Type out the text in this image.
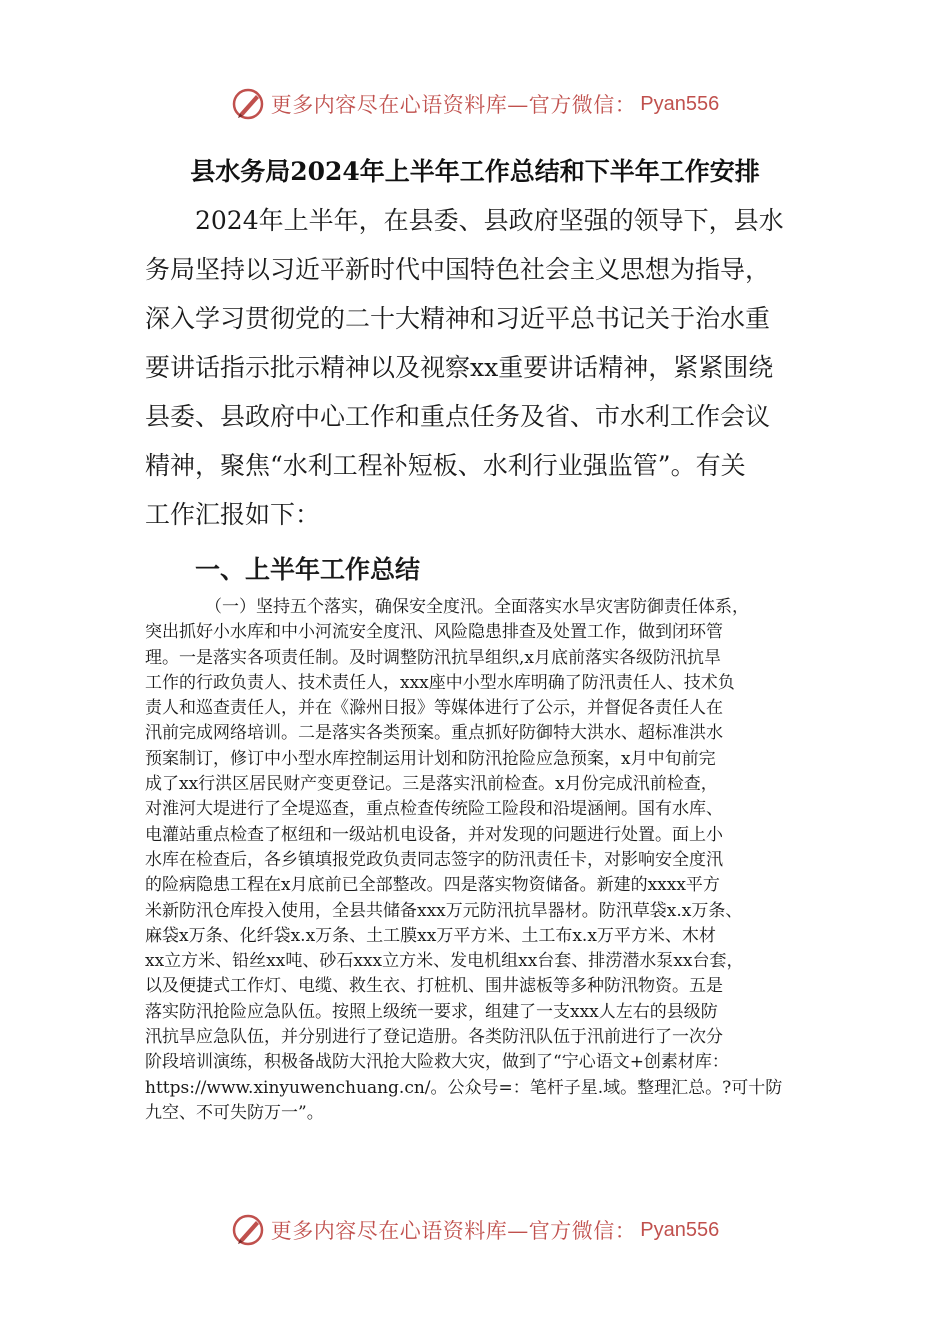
更多内容尽在心语资料库—官方微信： Pyan556
县水务局2024年上半年工作总结和下半年工作安排
2024年上半年，在县委、县政府坚强的领导下，县水
务局坚持以习近平新时代中国特色社会主义思想为指导，
深入学习贯彻党的二十大精神和习近平总书记关于治水重
要讲话指示批示精神以及视察xx重要讲话精神，紧紧围绕
县委、县政府中心工作和重点任务及省、市水利工作会议
精神，聚焦“水利工程补短板、水利行业强监管”。有关
工作汇报如下：
一、上半年工作总结
（一）坚持五个落实，确保安全度汛。全面落实水旱灾害防御责任体系，
突出抓好小水库和中小河流安全度汛、风险隐患排查及处置工作，做到闭环管
理。一是落实各项责任制。及时调整防汛抗旱组织,x月底前落实各级防汛抗旱
工作的行政负责人、技术责任人，xxx座中小型水库明确了防汛责任人、技术负
责人和巡查责任人，并在《滁州日报》等媒体进行了公示，并督促各责任人在
汛前完成网络培训。二是落实各类预案。重点抓好防御特大洪水、超标准洪水
预案制订，修订中小型水库控制运用计划和防汛抢险应急预案，x月中旬前完
成了xx行洪区居民财产变更登记。三是落实汛前检查。x月份完成汛前检查，
对淮河大堤进行了全堤巡查，重点检查传统险工险段和沿堤涵闸。国有水库、
电灌站重点检查了枢纽和一级站机电设备，并对发现的问题进行处置。面上小
水库在检查后，各乡镇填报党政负责同志签字的防汛责任卡，对影响安全度汛
的险病隐患工程在x月底前已全部整改。四是落实物资储备。新建的xxxx平方
米新防汛仓库投入使用，全县共储备xxx万元防汛抗旱器材。防汛草袋x.x万条、
麻袋x万条、化纤袋x.x万条、土工膜xx万平方米、土工布x.x万平方米、木材
xx立方米、铅丝xx吨、砂石xxx立方米、发电机组xx台套、排涝潜水泵xx台套，
以及便捷式工作灯、电缆、救生衣、打桩机、围井滤板等多种防汛物资。五是
落实防汛抢险应急队伍。按照上级统一要求，组建了一支xxx人左右的县级防
汛抗旱应急队伍，并分别进行了登记造册。各类防汛队伍于汛前进行了一次分
阶段培训演练，积极备战防大汛抢大险救大灾，做到了“宁心语文+创素材库：
https://www.xinyuwenchuang.cn/。公众号=：笔杆子星.域。整理汇总。?可十防
九空、不可失防万一”。
更多内容尽在心语资料库—官方微信： Pyan556
